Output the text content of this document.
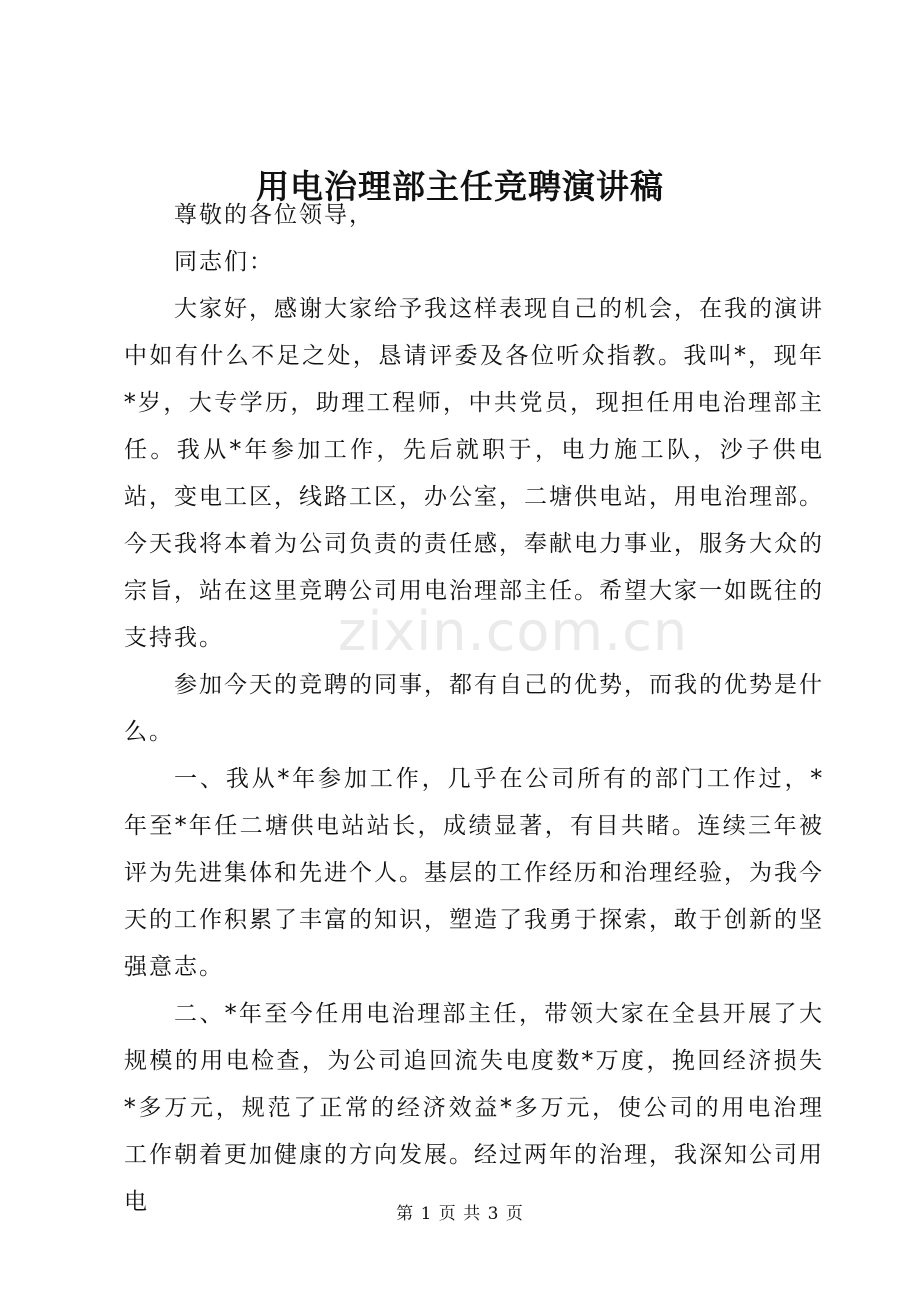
用电治理部主任竞聘演讲稿

尊敬的各位领导，

同志们：

大家好，感谢大家给予我这样表现自己的机会，在我的演讲中如有什么不足之处，恳请评委及各位听众指教。我叫*，现年*岁，大专学历，助理工程师，中共党员，现担任用电治理部主任。我从*年参加工作，先后就职于，电力施工队，沙子供电站，变电工区，线路工区，办公室，二塘供电站，用电治理部。今天我将本着为公司负责的责任感，奉献电力事业，服务大众的宗旨，站在这里竞聘公司用电治理部主任。希望大家一如既往的支持我。

参加今天的竞聘的同事，都有自己的优势，而我的优势是什么。

一、我从*年参加工作，几乎在公司所有的部门工作过，*年至*年任二塘供电站站长，成绩显著，有目共睹。连续三年被评为先进集体和先进个人。基层的工作经历和治理经验，为我今天的工作积累了丰富的知识，塑造了我勇于探索，敢于创新的坚强意志。

二、*年至今任用电治理部主任，带领大家在全县开展了大规模的用电检查，为公司追回流失电度数*万度，挽回经济损失*多万元，规范了正常的经济效益*多万元，使公司的用电治理工作朝着更加健康的方向发展。经过两年的治理，我深知公司用电

zixin.com.cn
第 1 页 共 3 页
